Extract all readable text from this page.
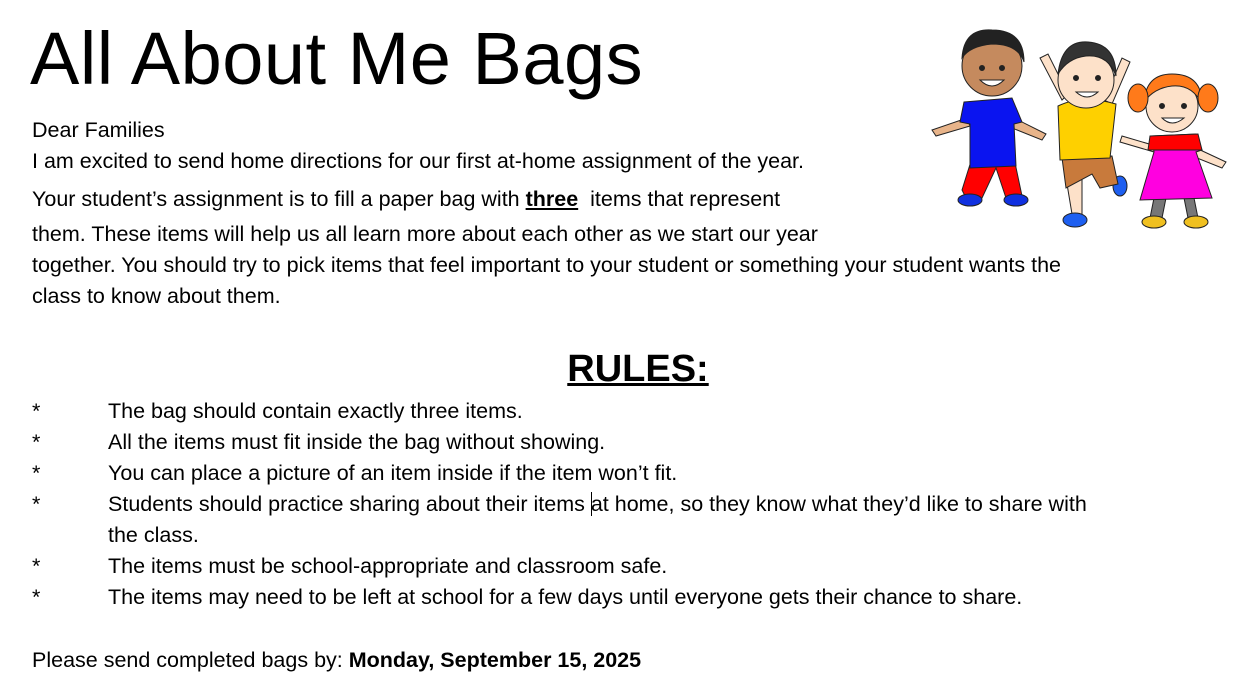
All About Me Bags
Dear Families
I am excited to send home directions for our first at-home assignment of the year.
Your student’s assignment is to fill a paper bag with three  items that represent
them. These items will help us all learn more about each other as we start our year
together. You should try to pick items that feel important to your student or something your student wants the
class to know about them.
RULES:
*	The bag should contain exactly three items.
*	All the items must fit inside the bag without showing.
*	You can place a picture of an item inside if the item won’t fit.
*	Students should practice sharing about their items at home, so they know what they’d like to share with
the class.
*	The items must be school-appropriate and classroom safe.
*	The items may need to be left at school for a few days until everyone gets their chance to share.
Please send completed bags by: Monday, September 15, 2025
